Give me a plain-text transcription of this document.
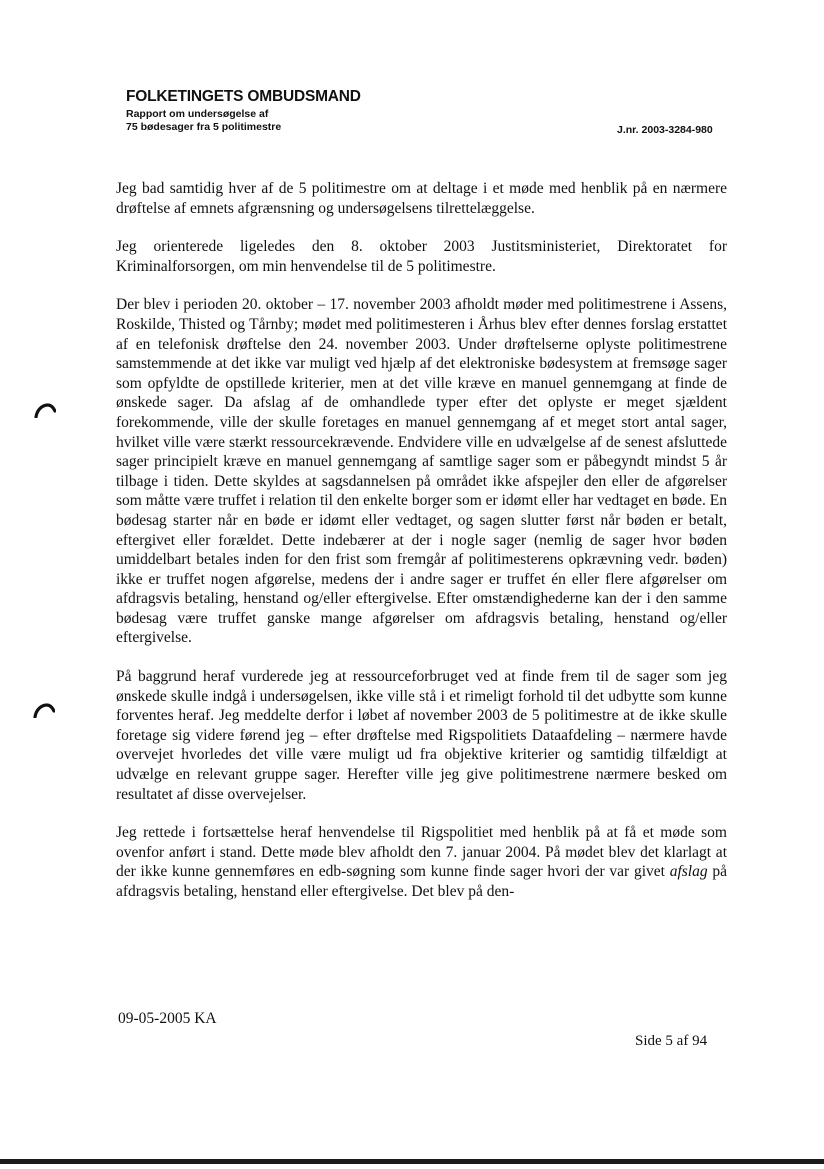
FOLKETINGETS OMBUDSMAND
Rapport om undersøgelse af
75 bødesager fra 5 politimestre	J.nr. 2003-3284-980

Jeg bad samtidig hver af de 5 politimestre om at deltage i et møde med henblik på en nærmere drøftelse af emnets afgrænsning og undersøgelsens tilrettelæggelse.

Jeg orienterede ligeledes den 8. oktober 2003 Justitsministeriet, Direktoratet for Kriminalforsorgen, om min henvendelse til de 5 politimestre.

Der blev i perioden 20. oktober – 17. november 2003 afholdt møder med politimestrene i Assens, Roskilde, Thisted og Tårnby; mødet med politimesteren i Århus blev efter dennes forslag erstattet af en telefonisk drøftelse den 24. november 2003. Under drøftelserne oplyste politimestrene samstemmende at det ikke var muligt ved hjælp af det elektroniske bødesystem at fremsøge sager som opfyldte de opstillede kriterier, men at det ville kræve en manuel gennemgang at finde de ønskede sager. Da afslag af de omhandlede typer efter det oplyste er meget sjældent forekommende, ville der skulle foretages en manuel gennemgang af et meget stort antal sager, hvilket ville være stærkt ressourcekrævende. Endvidere ville en udvælgelse af de senest afsluttede sager principielt kræve en manuel gennemgang af samtlige sager som er påbegyndt mindst 5 år tilbage i tiden. Dette skyldes at sagsdannelsen på området ikke afspejler den eller de afgørelser som måtte være truffet i relation til den enkelte borger som er idømt eller har vedtaget en bøde. En bødesag starter når en bøde er idømt eller vedtaget, og sagen slutter først når bøden er betalt, eftergivet eller forældet. Dette indebærer at der i nogle sager (nemlig de sager hvor bøden umiddelbart betales inden for den frist som fremgår af politimesterens opkrævning vedr. bøden) ikke er truffet nogen afgørelse, medens der i andre sager er truffet én eller flere afgørelser om afdragsvis betaling, henstand og/eller eftergivelse. Efter omstændighederne kan der i den samme bødesag være truffet ganske mange afgørelser om afdragsvis betaling, henstand og/eller eftergivelse.

På baggrund heraf vurderede jeg at ressourceforbruget ved at finde frem til de sager som jeg ønskede skulle indgå i undersøgelsen, ikke ville stå i et rimeligt forhold til det udbytte som kunne forventes heraf. Jeg meddelte derfor i løbet af november 2003 de 5 politimestre at de ikke skulle foretage sig videre førend jeg – efter drøftelse med Rigspolitiets Dataafdeling – nærmere havde overvejet hvorledes det ville være muligt ud fra objektive kriterier og samtidig tilfældigt at udvælge en relevant gruppe sager. Herefter ville jeg give politimestrene nærmere besked om resultatet af disse overvejelser.

Jeg rettede i fortsættelse heraf henvendelse til Rigspolitiet med henblik på at få et møde som ovenfor anført i stand. Dette møde blev afholdt den 7. januar 2004. På mødet blev det klarlagt at der ikke kunne gennemføres en edb-søgning som kunne finde sager hvori der var givet afslag på afdragsvis betaling, henstand eller eftergivelse. Det blev på den-

09-05-2005 KA
Side 5 af 94
